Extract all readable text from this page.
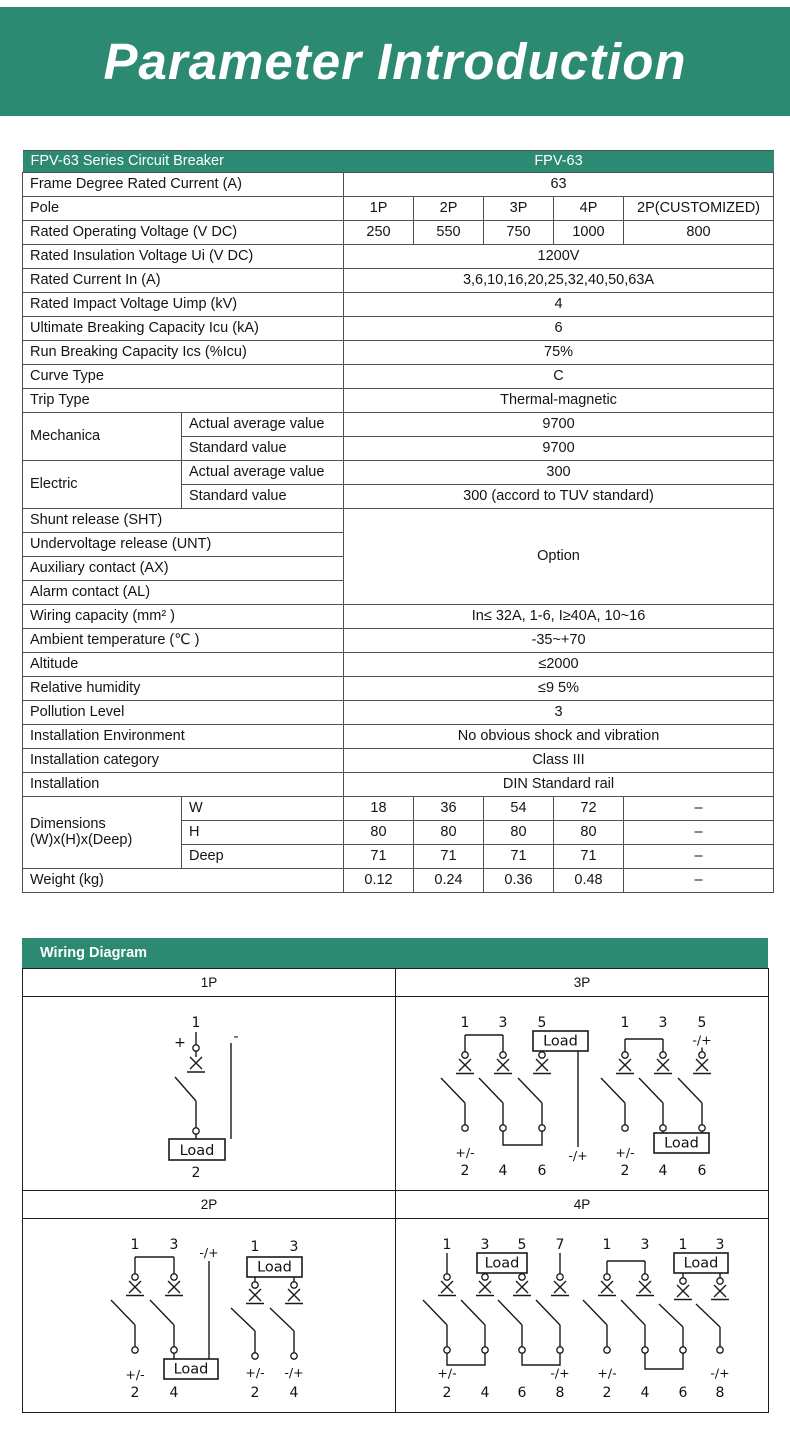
Parameter Introduction
FPV-63 Series Circuit Breaker		FPV-63				
Frame Degree Rated Current (A)		63				
Pole		1P	2P	3P	4P	2P(CUSTOMIZED)
Rated Operating Voltage (V DC)		250	550	750	1000	800
Rated Insulation Voltage Ui (V DC)		1200V				
Rated Current In (A)		3,6,10,16,20,25,32,40,50,63A				
Rated Impact Voltage Uimp (kV)		4				
Ultimate Breaking Capacity Icu (kA)		6				
Run Breaking Capacity Ics (%Icu)		75%				
Curve Type		C				
Trip Type		Thermal-magnetic				
Mechanica	Actual average value	9700				
	Standard value	9700				
Electric	Actual average value	300				
	Standard value	300 (accord to TUV standard)				
Shunt release (SHT)		Option				
Undervoltage release (UNT)						
Auxiliary contact (AX)						
Alarm contact (AL)						
Wiring capacity (mm² )		In≤ 32A, 1-6, I≥40A, 10~16				
Ambient temperature (℃ )		-35~+70				
Altitude		≤2000				
Relative humidity		≤9 5%				
Pollution Level		3				
Installation Environment		No obvious shock and vibration				
Installation category		Class III				
Installation		DIN Standard rail				
Dimensions (W)x(H)x(Deep)	W	18	36	54	72	–
	H	80	80	80	80	–
	Deep	71	71	71	71	–
Weight (kg)		0.12	0.24	0.36	0.48	–
Wiring Diagram
1P	3P

1
+	-
Load
2

1 3 5
Load
+/-	-/+
2 4 6
1 3 5
-/+
Load
+/-
2 4 6

2P	4P

1 3 -/+
Load
+/-
2 4
1 3
Load
+/- -/+
2 4

1 3 5 7
Load
+/-	-/+
2 4 6 8
1 3 1 3
Load
+/-	-/+
2 4 6 8
